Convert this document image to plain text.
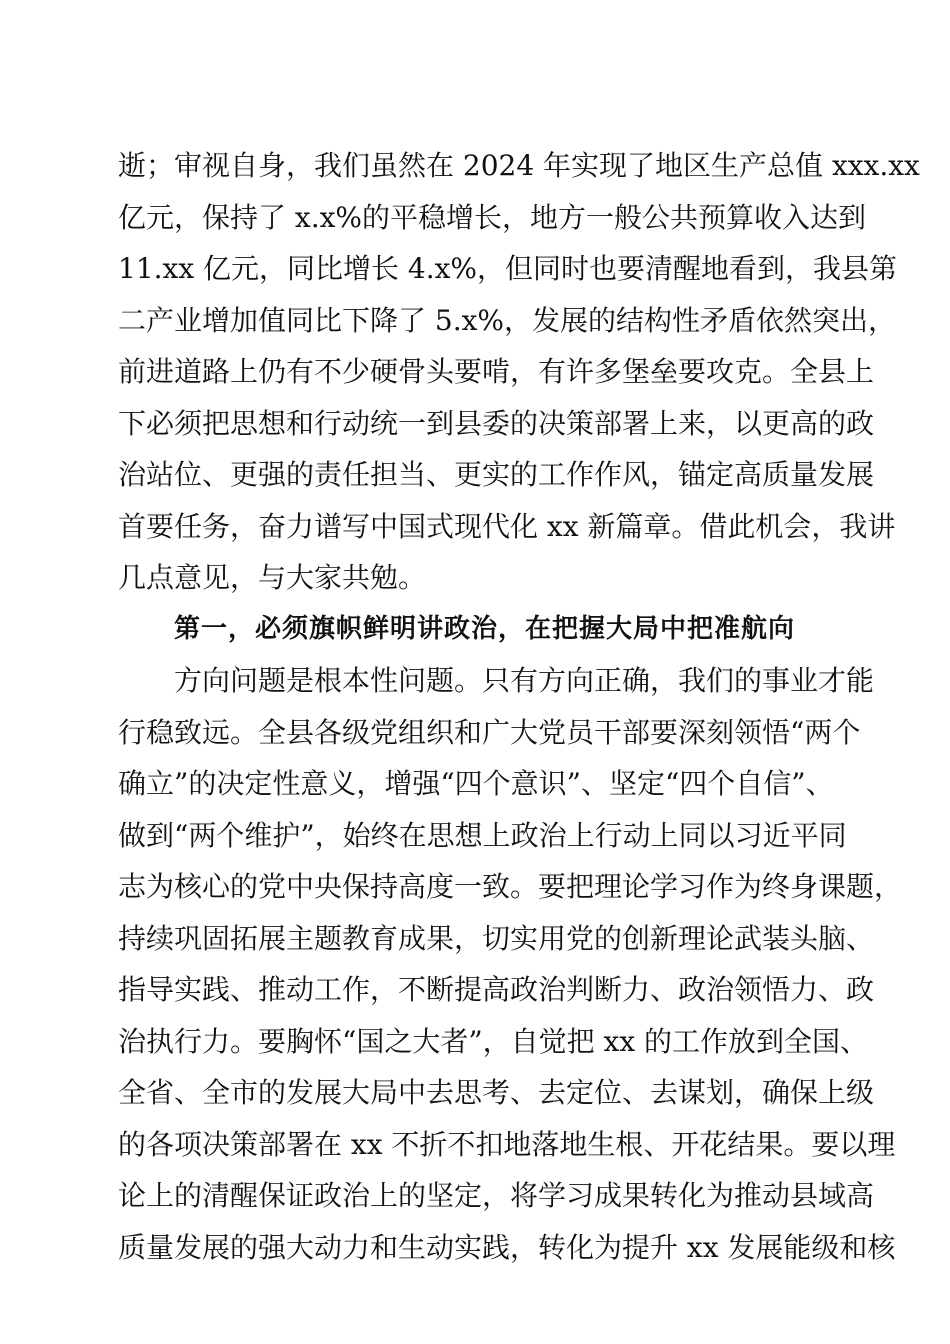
逝；审视自身，我们虽然在 2024 年实现了地区生产总值 xxx.xx
亿元，保持了 x.x%的平稳增长，地方一般公共预算收入达到
11.xx 亿元，同比增长 4.x%，但同时也要清醒地看到，我县第
二产业增加值同比下降了 5.x%，发展的结构性矛盾依然突出，
前进道路上仍有不少硬骨头要啃，有许多堡垒要攻克。全县上
下必须把思想和行动统一到县委的决策部署上来，以更高的政
治站位、更强的责任担当、更实的工作作风，锚定高质量发展
首要任务，奋力谱写中国式现代化 xx 新篇章。借此机会，我讲
几点意见，与大家共勉。
第一，必须旗帜鲜明讲政治，在把握大局中把准航向
方向问题是根本性问题。只有方向正确，我们的事业才能
行稳致远。全县各级党组织和广大党员干部要深刻领悟“两个
确立”的决定性意义，增强“四个意识”、坚定“四个自信”、
做到“两个维护”，始终在思想上政治上行动上同以习近平同
志为核心的党中央保持高度一致。要把理论学习作为终身课题，
持续巩固拓展主题教育成果，切实用党的创新理论武装头脑、
指导实践、推动工作，不断提高政治判断力、政治领悟力、政
治执行力。要胸怀“国之大者”，自觉把 xx 的工作放到全国、
全省、全市的发展大局中去思考、去定位、去谋划，确保上级
的各项决策部署在 xx 不折不扣地落地生根、开花结果。要以理
论上的清醒保证政治上的坚定，将学习成果转化为推动县域高
质量发展的强大动力和生动实践，转化为提升 xx 发展能级和核
